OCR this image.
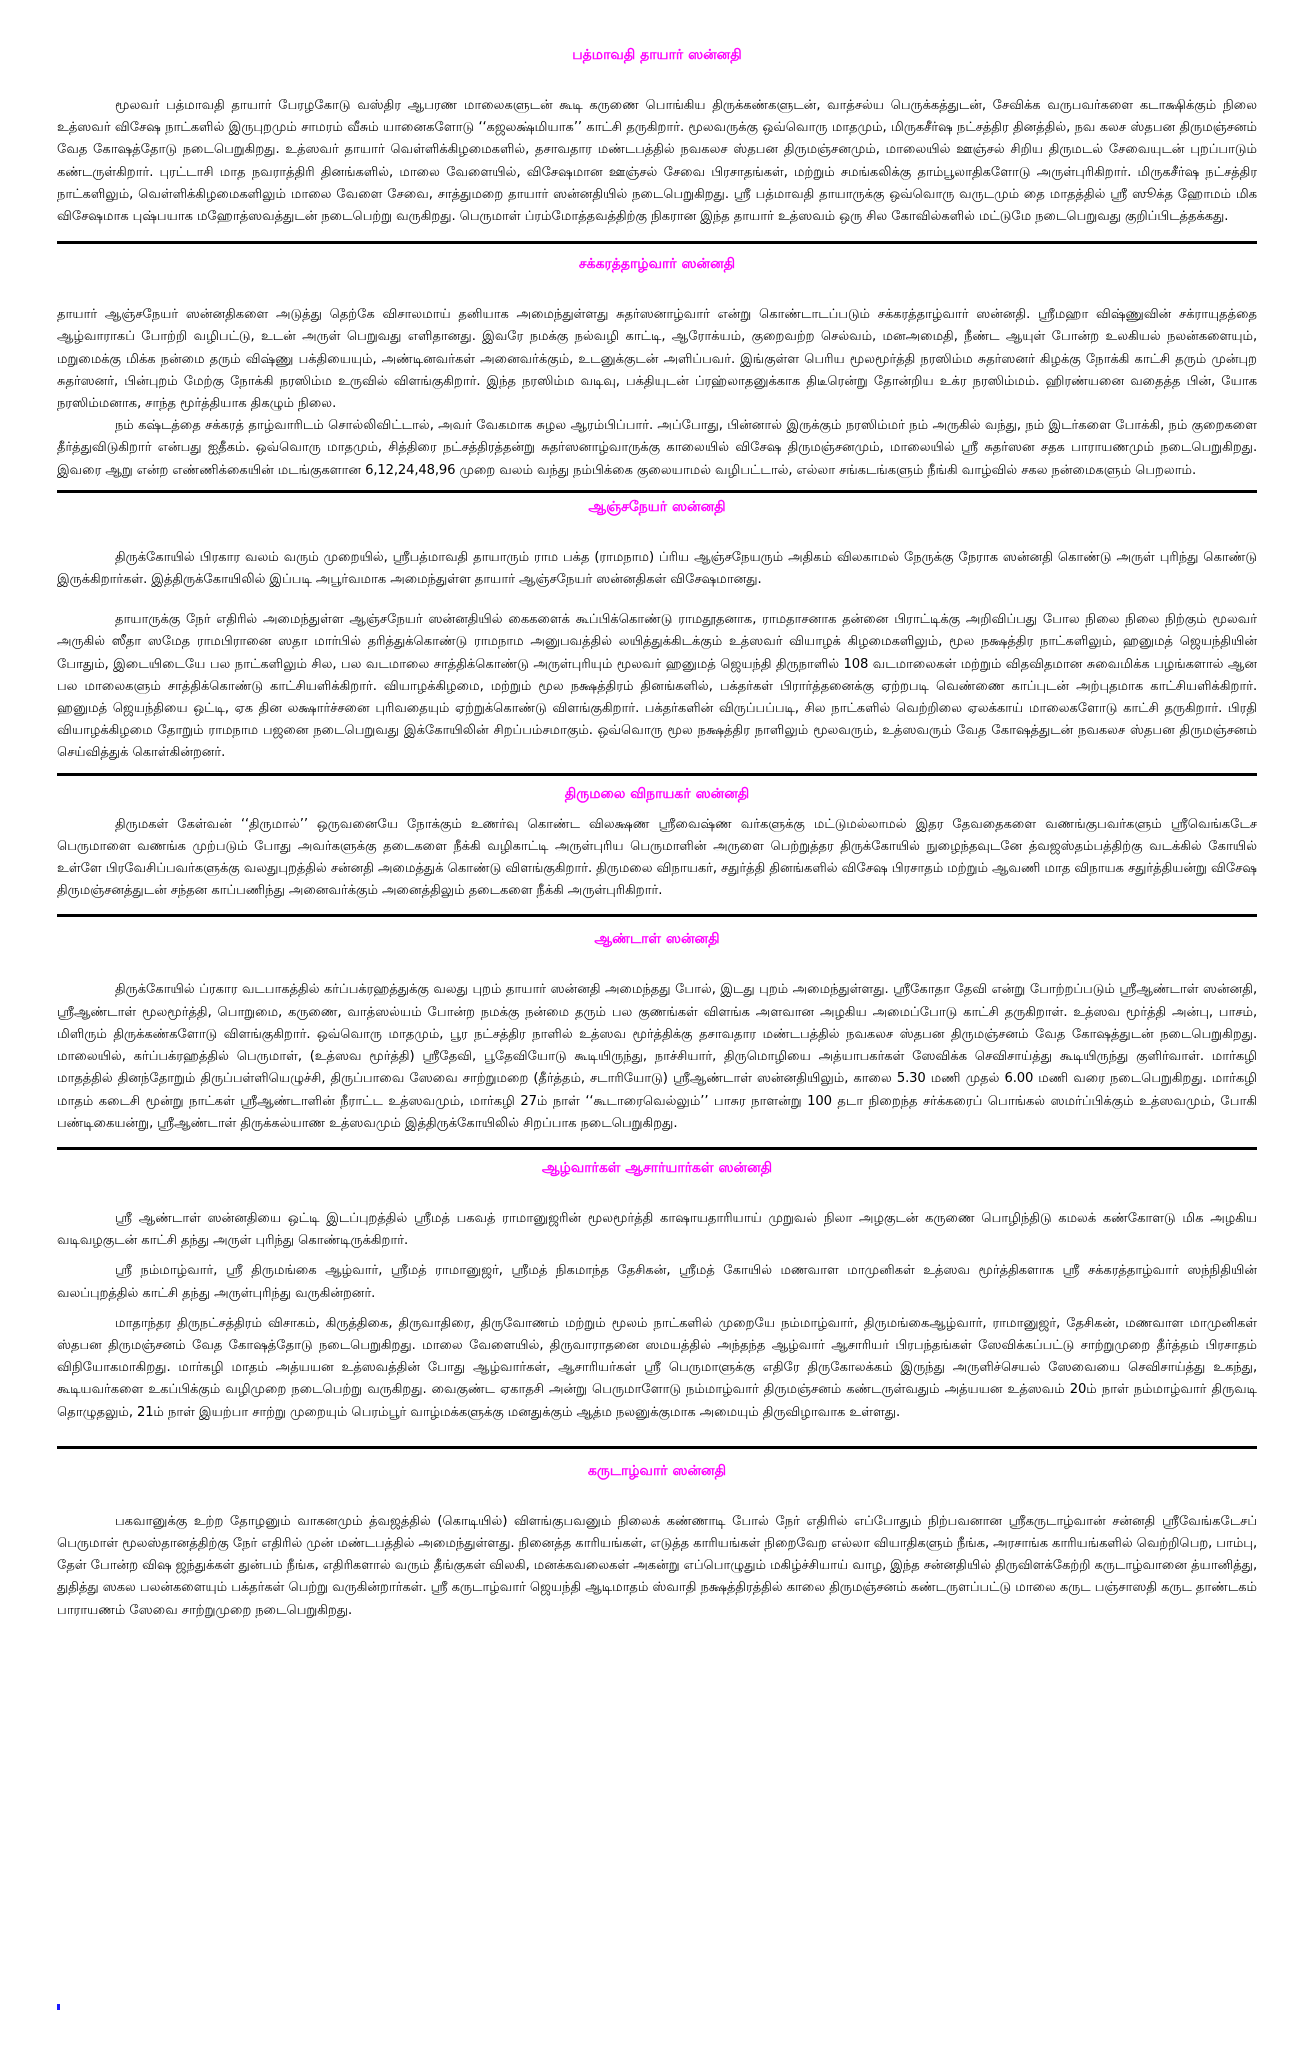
பத்மாவதி தாயார் ஸன்னதி

மூலவர் பத்மாவதி தாயார் பேரழகோடு வஸ்திர ஆபரண மாலைகளுடன் கூடி கருணை பொங்கிய திருக்கண்களுடன், வாத்சல்ய பெருக்கத்துடன், சேவிக்க வருபவர்களை கடாக்ஷிக்கும் நிலை உத்ஸவர் விசேஷ நாட்களில் இருபுறமும் சாமரம் வீசும் யானைகளோடு ‘‘கஜலக்ஷ்மியாக’’ காட்சி தருகிறார். மூலவருக்கு ஒவ்வொரு மாதமும், மிருகசீர்ஷ நட்சத்திர தினத்தில், நவ கலச ஸ்தபன திருமஞ்சனம் வேத கோஷத்தோடு நடைபெறுகிறது. உத்ஸவர் தாயார் வெள்ளிக்கிழமைகளில், தசாவதார மண்டபத்தில் நவகலச ஸ்தபன திருமஞ்சனமும், மாலையில் ஊஞ்சல் சிறிய திருமடல் சேவையுடன் புறப்பாடும் கண்டருள்கிறார். புரட்டாசி மாத நவராத்திரி தினங்களில், மாலை வேளையில், விசேஷமான ஊஞ்சல் சேவை பிரசாதங்கள், மற்றும் சமங்கலிக்கு தாம்பூலாதிகளோடு அருள்புரிகிறார். மிருகசீர்ஷ நட்சத்திர நாட்களிலும், வெள்ளிக்கிழமைகளிலும் மாலை வேளை சேவை, சாத்துமறை தாயார் ஸன்னதியில் நடைபெறுகிறது. ஸ்ரீ பத்மாவதி தாயாருக்கு ஒவ்வொரு வருடமும் தை மாதத்தில் ஸ்ரீ ஸூக்த ஹோமம் மிக விசேஷமாக புஷ்பயாக மஹோத்ஸவத்துடன் நடைபெற்று வருகிறது. பெருமாள் ப்ரம்மோத்தவத்திற்கு நிகரான இந்த தாயார் உத்ஸவம் ஒரு சில கோவில்களில் மட்டுமே நடைபெறுவது குறிப்பிடத்தக்கது.

சக்கரத்தாழ்வார் ஸன்னதி

தாயார் ஆஞ்சநேயர் ஸன்னதிகளை அடுத்து தெற்கே விசாலமாய் தனியாக அமைந்துள்ளது சுதர்ஸனாழ்வார் என்று கொண்டாடப்படும் சக்கரத்தாழ்வார் ஸன்னதி. ஸ்ரீமஹா விஷ்ணுவின் சக்ராயுதத்தை ஆழ்வாராகப் போற்றி வழிபட்டு, உடன் அருள் பெறுவது எளிதானது. இவரே நமக்கு நல்வழி காட்டி, ஆரோக்யம், குறைவற்ற செல்வம், மனஅமைதி, நீண்ட ஆயுள் போன்ற உலகியல் நலன்களையும், மறுமைக்கு மிக்க நன்மை தரும் விஷ்ணு பக்தியையும், அண்டினவர்கள் அனைவர்க்கும், உடனுக்குடன் அளிப்பவர். இங்குள்ள பெரிய மூலமூர்த்தி நரஸிம்ம சுதர்ஸனர் கிழக்கு நோக்கி காட்சி தரும் முன்புற சுதர்ஸனர், பின்புறம் மேற்கு நோக்கி நரஸிம்ம உருவில் விளங்குகிறார். இந்த நரஸிம்ம வடிவு, பக்தியுடன் ப்ரஹ்லாதனுக்காக திடீரென்று தோன்றிய உக்ர நரஸிம்மம். ஹிரண்யனை வதைத்த பின், யோக நரஸிம்மனாக, சாந்த மூர்த்தியாக திகழும் நிலை.

நம் கஷ்டத்தை சக்கரத் தாழ்வாரிடம் சொல்லிவிட்டால், அவர் வேகமாக சுழல ஆரம்பிப்பார். அப்போது, பின்னால் இருக்கும் நரஸிம்மர் நம் அருகில் வந்து, நம் இடர்களை போக்கி, நம் குறைகளை தீர்த்துவிடுகிறார் என்பது ஐதீகம். ஒவ்வொரு மாதமும், சித்திரை நட்சத்திரத்தன்று சுதர்ஸனாழ்வாருக்கு காலையில் விசேஷ திருமஞ்சனமும், மாலையில் ஸ்ரீ சுதர்ஸன சதக பாராயணமும் நடைபெறுகிறது. இவரை ஆறு என்ற எண்ணிக்கையின் மடங்குகளான 6,12,24,48,96 முறை வலம் வந்து நம்பிக்கை குலையாமல் வழிபட்டால், எல்லா சங்கடங்களும் நீங்கி வாழ்வில் சகல நன்மைகளும் பெறலாம்.

ஆஞ்சநேயர் ஸன்னதி

திருக்கோயில் பிரகார வலம் வரும் முறையில், ஸ்ரீபத்மாவதி தாயாரும் ராம பக்த (ராமநாம) ப்ரிய ஆஞ்சநேயரும் அதிகம் விலகாமல் நேருக்கு நேராக ஸன்னதி கொண்டு அருள் புரிந்து கொண்டு இருக்கிறார்கள். இத்திருக்கோயிலில் இப்படி அபூர்வமாக அமைந்துள்ள தாயார் ஆஞ்சநேயர் ஸன்னதிகள் விசேஷமானது.

தாயாருக்கு நேர் எதிரில் அமைந்துள்ள ஆஞ்சநேயர் ஸன்னதியில் கைகளைக் கூப்பிக்கொண்டு ராமதூதனாக, ராமதாசனாக தன்னை பிராட்டிக்கு அறிவிப்பது போல நிலை நிலை நிற்கும் மூலவர் அருகில் ஸீதா ஸமேத ராமபிரானை ஸதா மார்பில் தரித்துக்கொண்டு ராமநாம அனுபவத்தில் லயித்துக்கிடக்கும் உத்ஸவர் வியாழக் கிழமைகளிலும், மூல நக்ஷத்திர நாட்களிலும், ஹனுமத் ஜெயந்தியின் போதும், இடையிடையே பல நாட்களிலும் சில, பல வடமாலை சாத்திக்கொண்டு அருள்புரியும் மூலவர் ஹனுமத் ஜெயந்தி திருநாளில் 108 வடமாலைகள் மற்றும் விதவிதமான சுவைமிக்க பழங்களால் ஆன பல மாலைகளும் சாத்திக்கொண்டு காட்சியளிக்கிறார். வியாழக்கிழமை, மற்றும் மூல நக்ஷத்திரம் தினங்களில், பக்தர்கள் பிரார்த்தனைக்கு ஏற்றபடி வெண்ணை காப்புடன் அற்புதமாக காட்சியளிக்கிறார். ஹனுமத் ஜெயந்தியை ஒட்டி, ஏக தின லக்ஷார்ச்சனை புரிவதையும் ஏற்றுக்கொண்டு விளங்குகிறார். பக்தர்களின் விருப்பப்படி, சில நாட்களில் வெற்றிலை ஏலக்காய் மாலைகளோடு காட்சி தருகிறார். பிரதி வியாழக்கிழமை தோறும் ராமநாம பஜனை நடைபெறுவது இக்கோயிலின் சிறப்பம்சமாகும். ஒவ்வொரு மூல நக்ஷத்திர நாளிலும் மூலவரும், உத்ஸவரும் வேத கோஷத்துடன் நவகலச ஸ்தபன திருமஞ்சனம் செய்வித்துக் கொள்கின்றனர்.

திருமலை விநாயகர் ஸன்னதி

திருமகள் கேள்வன் ‘‘திருமால்’’ ஒருவனையே நோக்கும் உணர்வு கொண்ட விலக்ஷண ஸ்ரீவைஷ்ண வர்களுக்கு மட்டுமல்லாமல் இதர தேவதைகளை வணங்குபவர்களும் ஸ்ரீவெங்கடேச பெருமாளை வணங்க முற்படும் போது அவர்களுக்கு தடைகளை நீக்கி வழிகாட்டி அருள்புரிய பெருமாளின் அருளை பெற்றுத்தர திருக்கோயில் நுழைந்தவுடனே த்வஜஸ்தம்பத்திற்கு வடக்கில் கோயில் உள்ளே பிரவேசிப்பவர்களுக்கு வலதுபுறத்தில் சன்னதி அமைத்துக் கொண்டு விளங்குகிறார். திருமலை விநாயகர், சதுர்த்தி தினங்களில் விசேஷ பிரசாதம் மற்றும் ஆவணி மாத விநாயக சதுர்த்தியன்று விசேஷ திருமஞ்சனத்துடன் சந்தன காப்பணிந்து அனைவர்க்கும் அனைத்திலும் தடைகளை நீக்கி அருள்புரிகிறார்.

ஆண்டாள் ஸன்னதி

திருக்கோயில் ப்ரகார வடபாகத்தில் கர்ப்பக்ரஹத்துக்கு வலது புறம் தாயார் ஸன்னதி அமைந்தது போல், இடது புறம் அமைந்துள்ளது. ஸ்ரீகோதா தேவி என்று போற்றப்படும் ஸ்ரீஆண்டாள் ஸன்னதி, ஸ்ரீஆண்டாள் மூலமூர்த்தி, பொறுமை, கருணை, வாத்ஸல்யம் போன்ற நமக்கு நன்மை தரும் பல குணங்கள் விளங்க அளவான அழகிய அமைப்போடு காட்சி தருகிறாள். உத்ஸவ மூர்த்தி அன்பு, பாசம், மிளிரும் திருக்கண்களோடு விளங்குகிறார். ஒவ்வொரு மாதமும், பூர நட்சத்திர நாளில் உத்ஸவ மூர்த்திக்கு தசாவதார மண்டபத்தில் நவகலச ஸ்தபன திருமஞ்சனம் வேத கோஷத்துடன் நடைபெறுகிறது. மாலையில், கர்ப்பக்ரஹத்தில் பெருமாள், (உத்ஸவ மூர்த்தி) ஸ்ரீதேவி, பூதேவியோடு கூடியிருந்து, நாச்சியார், திருமொழியை அத்யாபகர்கள் ஸேவிக்க செவிசாய்த்து கூடியிருந்து குளிர்வாள். மார்கழி மாதத்தில் தினந்தோறும் திருப்பள்ளியெழுச்சி, திருப்பாவை ஸேவை சாற்றுமறை (தீர்த்தம், சடாரியோடு) ஸ்ரீஆண்டாள் ஸன்னதியிலும், காலை 5.30 மணி முதல் 6.00 மணி வரை நடைபெறுகிறது. மார்கழி மாதம் கடைசி மூன்று நாட்கள் ஸ்ரீஆண்டாளின் நீராட்ட உத்ஸவமும், மார்கழி 27ம் நாள் ‘‘கூடாரைவெல்லும்’’ பாசுர நாளன்று 100 தடா நிறைந்த சர்க்கரைப் பொங்கல் ஸமர்ப்பிக்கும் உத்ஸவமும், போகி பண்டிகையன்று, ஸ்ரீஆண்டாள் திருக்கல்யாண உத்ஸவமும் இத்திருக்கோயிலில் சிறப்பாக நடைபெறுகிறது.

ஆழ்வார்கள் ஆசார்யார்கள் ஸன்னதி

ஸ்ரீ ஆண்டாள் ஸன்னதியை ஒட்டி இடப்புறத்தில் ஸ்ரீமத் பகவத் ராமானுஜரின் மூலமூர்த்தி காஷாயதாரியாய் முறுவல் நிலா அழகுடன் கருணை பொழிந்திடு கமலக் கண்கோளடு மிக அழகிய வடிவழகுடன் காட்சி தந்து அருள் புரிந்து கொண்டிருக்கிறார்.

ஸ்ரீ நம்மாழ்வார், ஸ்ரீ திருமங்கை ஆழ்வார், ஸ்ரீமத் ராமானுஜர், ஸ்ரீமத் நிகமாந்த தேசிகன், ஸ்ரீமத் கோயில் மணவாள மாமுனிகள் உத்ஸவ மூர்த்திகளாக ஸ்ரீ சக்கரத்தாழ்வார் ஸந்நிதியின் வலப்புறத்தில் காட்சி தந்து அருள்புரிந்து வருகின்றனர்.

மாதாந்தர திருநட்சத்திரம் விசாகம், கிருத்திகை, திருவாதிரை, திருவோணம் மற்றும் மூலம் நாட்களில் முறையே நம்மாழ்வார், திருமங்கைஆழ்வார், ராமானுஜர், தேசிகன், மணவாள மாமுனிகள் ஸ்தபன திருமஞ்சனம் வேத கோஷத்தோடு நடைபெறுகிறது. மாலை வேளையில், திருவாராதனை ஸமயத்தில் அந்தந்த ஆழ்வார் ஆசாரியர் பிரபந்தங்கள் ஸேவிக்கப்பட்டு சாற்றுமுறை தீர்த்தம் பிரசாதம் விநியோகமாகிறது. மார்கழி மாதம் அத்யயன உத்ஸவத்தின் போது ஆழ்வார்கள், ஆசாரியர்கள் ஸ்ரீ பெருமாளுக்கு எதிரே திருகோலக்கம் இருந்து அருளிச்செயல் ஸேவையை செவிசாய்த்து உகந்து, கூடியவர்களை உகப்பிக்கும் வழிமுறை நடைபெற்று வருகிறது. வைகுண்ட ஏகாதசி அன்று பெருமாளோடு நம்மாழ்வார் திருமஞ்சனம் கண்டருள்வதும் அத்யயன உத்ஸவம் 20ம் நாள் நம்மாழ்வார் திருவடி தொழுதலும், 21ம் நாள் இயற்பா சாற்று முறையும் பெரம்பூர் வாழ்மக்களுக்கு மனதுக்கும் ஆத்ம நலனுக்குமாக அமையும் திருவிழாவாக உள்ளது.

கருடாழ்வார் ஸன்னதி

பகவானுக்கு உற்ற தோழனும் வாகனமும் த்வஜத்தில் (கொடியில்) விளங்குபவனும் நிலைக் கண்ணாடி போல் நேர் எதிரில் எப்போதும் நிற்பவனான ஸ்ரீகருடாழ்வான் சன்னதி ஸ்ரீவேங்கடேசப் பெருமாள் மூலஸ்தானத்திற்கு நேர் எதிரில் முன் மண்டபத்தில் அமைந்துள்ளது. நினைத்த காரியங்கள், எடுத்த காரியங்கள் நிறைவேற எல்லா வியாதிகளும் நீங்க, அரசாங்க காரியங்களில் வெற்றிபெற, பாம்பு, தேள் போன்ற விஷ ஜந்துக்கள் துன்பம் நீங்க, எதிரிகளால் வரும் தீங்குகள் விலகி, மனக்கவலைகள் அகன்று எப்பொழுதும் மகிழ்ச்சியாய் வாழ, இந்த சன்னதியில் திருவிளக்கேற்றி கருடாழ்வானை த்யானித்து, துதித்து ஸகல பலன்களையும் பக்தர்கள் பெற்று வருகின்றார்கள். ஸ்ரீ கருடாழ்வார் ஜெயந்தி ஆடிமாதம் ஸ்வாதி நக்ஷத்திரத்தில் காலை திருமஞ்சனம் கண்டருளப்பட்டு மாலை கருட பஞ்சாஸதி கருட தாண்டகம் பாராயணம் ஸேவை சாற்றுமுறை நடைபெறுகிறது.
